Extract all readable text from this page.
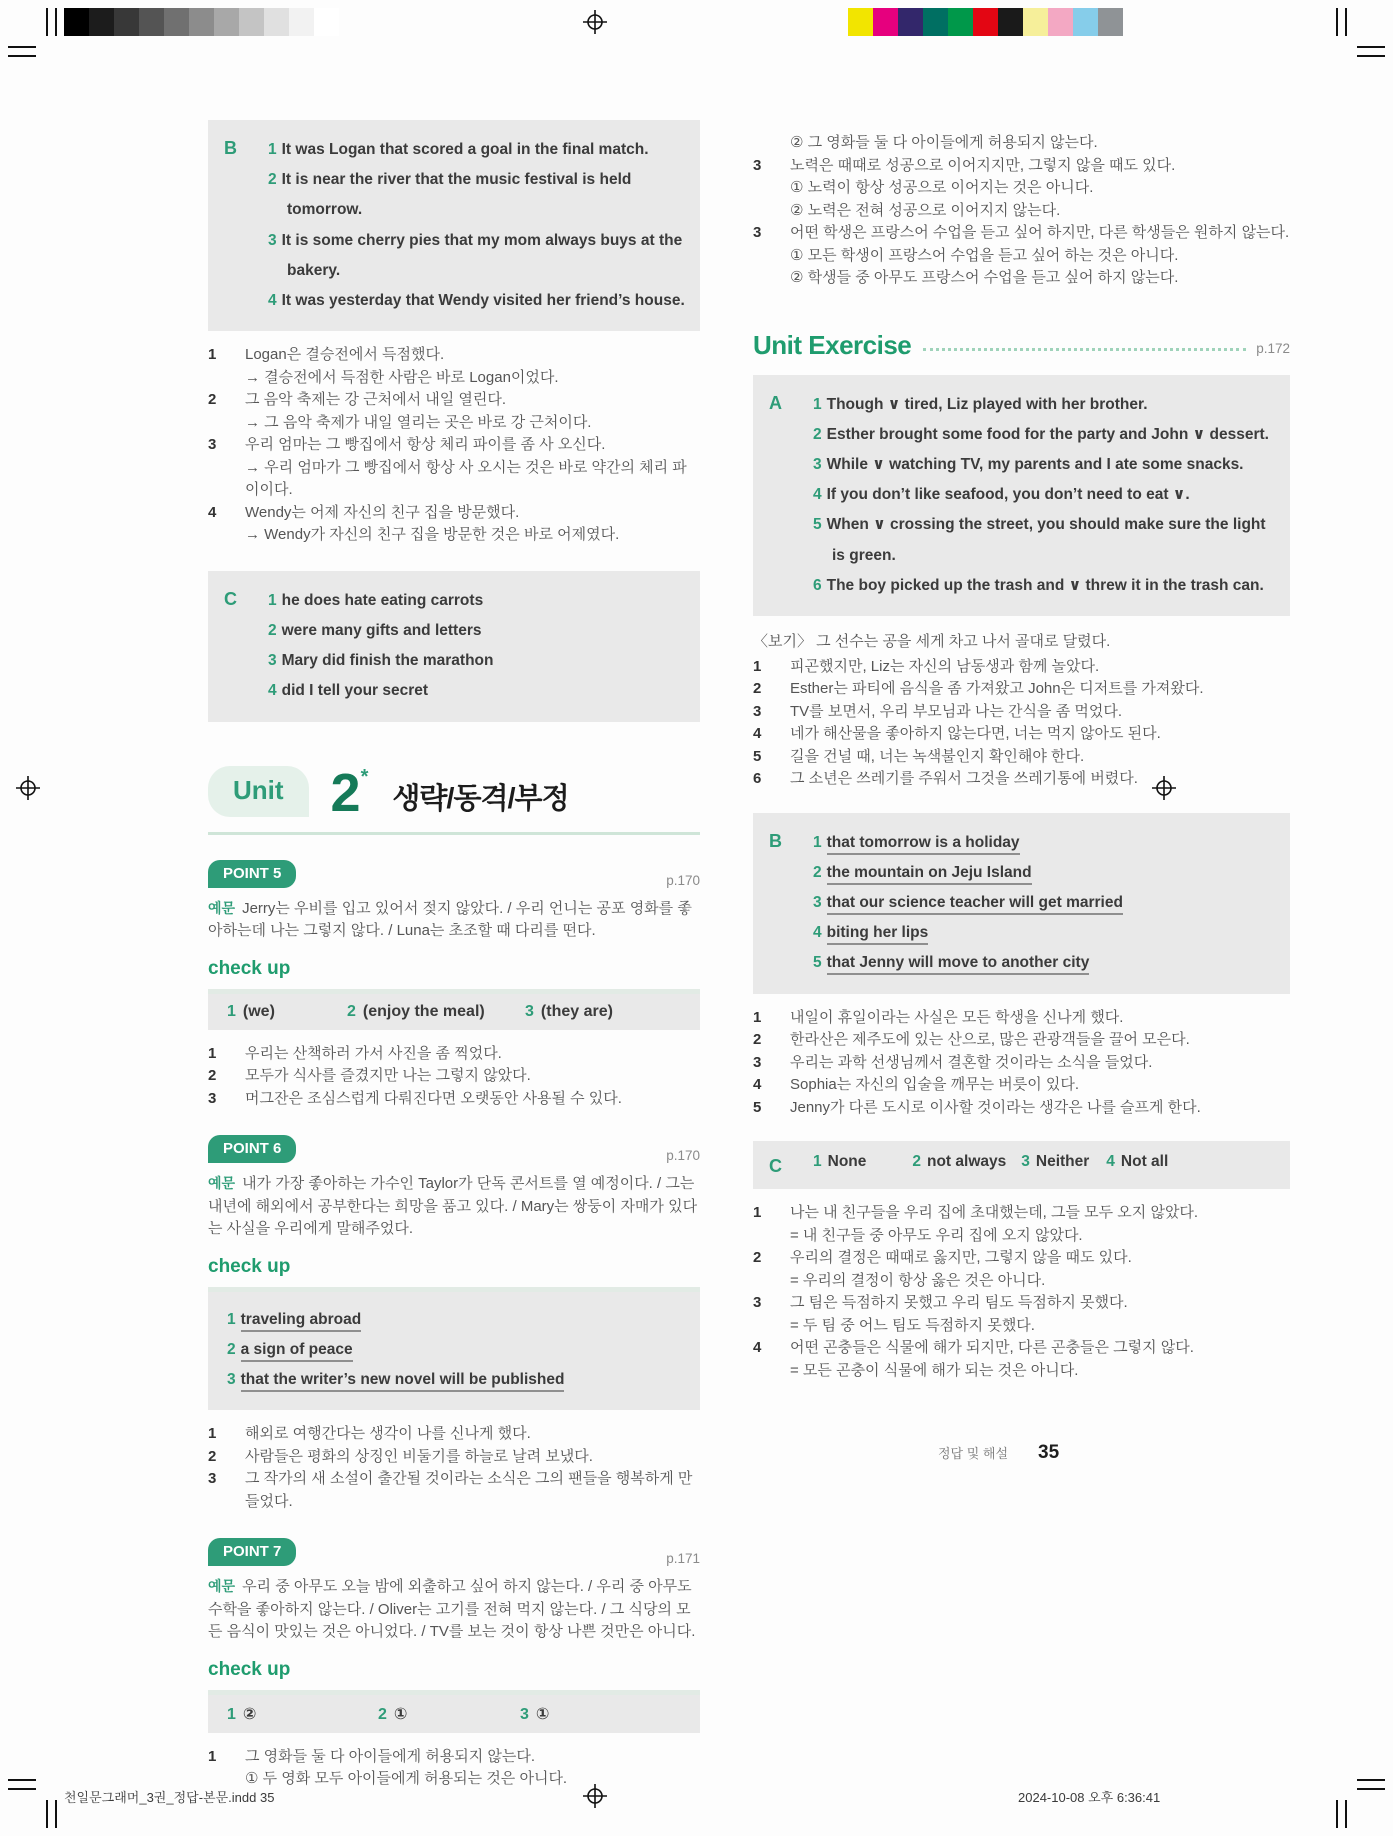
B	1 It was Logan that scored a goal in the final match.
2 It is near the river that the music festival is held tomorrow.
3 It is some cherry pies that my mom always buys at the bakery.
4 It was yesterday that Wendy visited her friend’s house.
1	Logan은 결승전에서 득점했다.
→ 결승전에서 득점한 사람은 바로 Logan이었다.
2	그 음악 축제는 강 근처에서 내일 열린다.
→ 그 음악 축제가 내일 열리는 곳은 바로 강 근처이다.
3	우리 엄마는 그 빵집에서 항상 체리 파이를 좀 사 오신다.
→ 우리 엄마가 그 빵집에서 항상 사 오시는 것은 바로 약간의 체리 파이이다.
4	Wendy는 어제 자신의 친구 집을 방문했다.
→ Wendy가 자신의 친구 집을 방문한 것은 바로 어제였다.
C	1 he does hate eating carrots
2 were many gifts and letters
3 Mary did finish the marathon
4 did I tell your secret
Unit 2*
생략/동격/부정
POINT 5	p.170
예문 Jerry는 우비를 입고 있어서 젖지 않았다. / 우리 언니는 공포 영화를 좋아하는데 나는 그렇지 않다. / Luna는 초조할 때 다리를 떤다.
check up
1 (we)	2 (enjoy the meal)	3 (they are)
1	우리는 산책하러 가서 사진을 좀 찍었다.
2	모두가 식사를 즐겼지만 나는 그렇지 않았다.
3	머그잔은 조심스럽게 다뤄진다면 오랫동안 사용될 수 있다.
POINT 6	p.170
예문 내가 가장 좋아하는 가수인 Taylor가 단독 콘서트를 열 예정이다. / 그는 내년에 해외에서 공부한다는 희망을 품고 있다. / Mary는 쌍둥이 자매가 있다는 사실을 우리에게 말해주었다.
check up
1 traveling abroad
2 a sign of peace
3 that the writer’s new novel will be published
1	해외로 여행간다는 생각이 나를 신나게 했다.
2	사람들은 평화의 상징인 비둘기를 하늘로 날려 보냈다.
3	그 작가의 새 소설이 출간될 것이라는 소식은 그의 팬들을 행복하게 만들었다.
POINT 7	p.171
예문 우리 중 아무도 오늘 밤에 외출하고 싶어 하지 않는다. / 우리 중 아무도 수학을 좋아하지 않는다. / Oliver는 고기를 전혀 먹지 않는다. / 그 식당의 모든 음식이 맛있는 것은 아니었다. / TV를 보는 것이 항상 나쁜 것만은 아니다.
check up
1 ②	2 ①	3 ①
1	그 영화들 둘 다 아이들에게 허용되지 않는다.
① 두 영화 모두 아이들에게 허용되는 것은 아니다.
② 그 영화들 둘 다 아이들에게 허용되지 않는다.
3	노력은 때때로 성공으로 이어지지만, 그렇지 않을 때도 있다.
① 노력이 항상 성공으로 이어지는 것은 아니다.
② 노력은 전혀 성공으로 이어지지 않는다.
3	어떤 학생은 프랑스어 수업을 듣고 싶어 하지만, 다른 학생들은 원하지 않는다.
① 모든 학생이 프랑스어 수업을 듣고 싶어 하는 것은 아니다.
② 학생들 중 아무도 프랑스어 수업을 듣고 싶어 하지 않는다.
Unit Exercise	p.172
A	1 Though ∨ tired, Liz played with her brother.
2 Esther brought some food for the party and John ∨ dessert.
3 While ∨ watching TV, my parents and I ate some snacks.
4 If you don’t like seafood, you don’t need to eat ∨.
5 When ∨ crossing the street, you should make sure the light is green.
6 The boy picked up the trash and ∨ threw it in the trash can.
〈보기〉 그 선수는 공을 세게 차고 나서 골대로 달렸다.
1	피곤했지만, Liz는 자신의 남동생과 함께 놀았다.
2	Esther는 파티에 음식을 좀 가져왔고 John은 디저트를 가져왔다.
3	TV를 보면서, 우리 부모님과 나는 간식을 좀 먹었다.
4	네가 해산물을 좋아하지 않는다면, 너는 먹지 않아도 된다.
5	길을 건널 때, 너는 녹색불인지 확인해야 한다.
6	그 소년은 쓰레기를 주워서 그것을 쓰레기통에 버렸다.
B	1 that tomorrow is a holiday
2 the mountain on Jeju Island
3 that our science teacher will get married
4 biting her lips
5 that Jenny will move to another city
1	내일이 휴일이라는 사실은 모든 학생을 신나게 했다.
2	한라산은 제주도에 있는 산으로, 많은 관광객들을 끌어 모은다.
3	우리는 과학 선생님께서 결혼할 것이라는 소식을 들었다.
4	Sophia는 자신의 입술을 깨무는 버릇이 있다.
5	Jenny가 다른 도시로 이사할 것이라는 생각은 나를 슬프게 한다.
C	1 None	2 not always 3 Neither 4 Not all
1	나는 내 친구들을 우리 집에 초대했는데, 그들 모두 오지 않았다.
= 내 친구들 중 아무도 우리 집에 오지 않았다.
2	우리의 결정은 때때로 옳지만, 그렇지 않을 때도 있다.
= 우리의 결정이 항상 옳은 것은 아니다.
3	그 팀은 득점하지 못했고 우리 팀도 득점하지 못했다.
= 두 팀 중 어느 팀도 득점하지 못했다.
4	어떤 곤충들은 식물에 해가 되지만, 다른 곤충들은 그렇지 않다.
= 모든 곤충이 식물에 해가 되는 것은 아니다.
정답 및 해설 35
천일문그래머_3권_정답-본문.indd 35	2024-10-08 오후 6:36:41
